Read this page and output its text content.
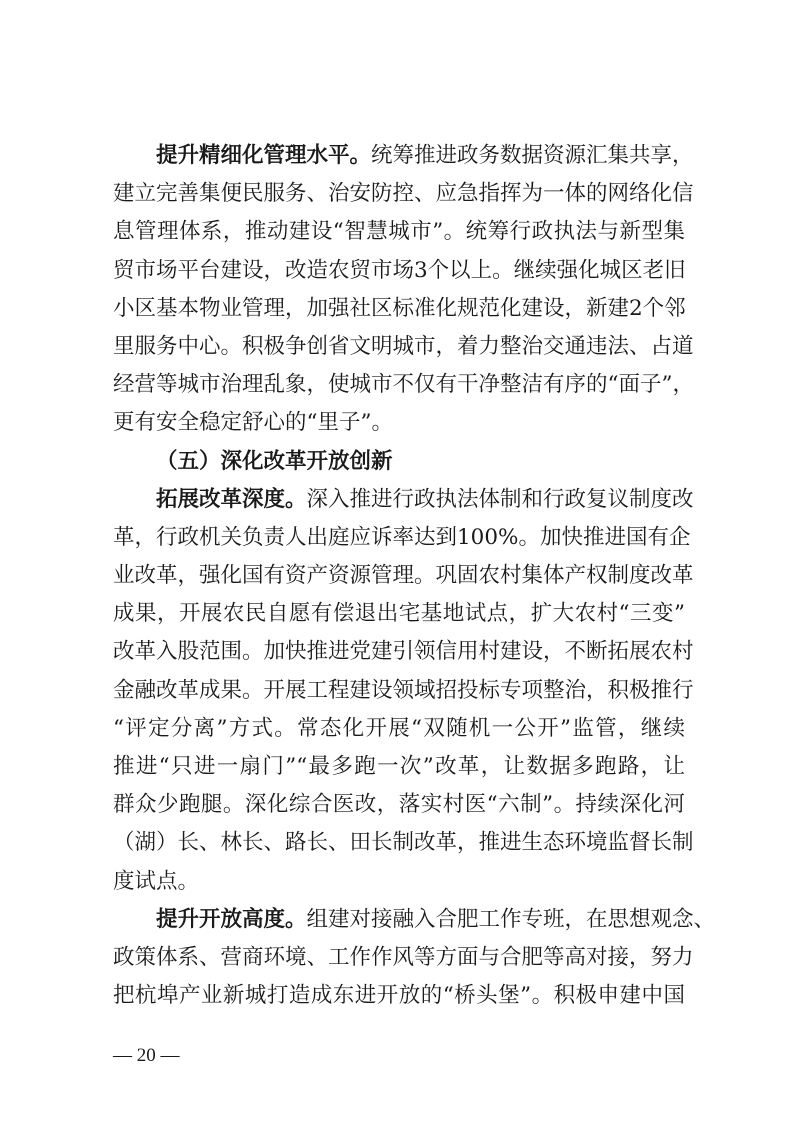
提升精细化管理水平。统筹推进政务数据资源汇集共享，
建立完善集便民服务、治安防控、应急指挥为一体的网络化信
息管理体系，推动建设“智慧城市”。统筹行政执法与新型集
贸市场平台建设，改造农贸市场3个以上。继续强化城区老旧
小区基本物业管理，加强社区标准化规范化建设，新建2个邻
里服务中心。积极争创省文明城市，着力整治交通违法、占道
经营等城市治理乱象，使城市不仅有干净整洁有序的“面子”，
更有安全稳定舒心的“里子”。
（五）深化改革开放创新
拓展改革深度。深入推进行政执法体制和行政复议制度改
革，行政机关负责人出庭应诉率达到100%。加快推进国有企
业改革，强化国有资产资源管理。巩固农村集体产权制度改革
成果，开展农民自愿有偿退出宅基地试点，扩大农村“三变”
改革入股范围。加快推进党建引领信用村建设，不断拓展农村
金融改革成果。开展工程建设领域招投标专项整治，积极推行
“评定分离”方式。常态化开展“双随机一公开”监管，继续
推进“只进一扇门”“最多跑一次”改革，让数据多跑路，让
群众少跑腿。深化综合医改，落实村医“六制”。持续深化河
（湖）长、林长、路长、田长制改革，推进生态环境监督长制
度试点。
提升开放高度。组建对接融入合肥工作专班，在思想观念、
政策体系、营商环境、工作作风等方面与合肥等高对接，努力
把杭埠产业新城打造成东进开放的“桥头堡”。积极申建中国
— 20 —
